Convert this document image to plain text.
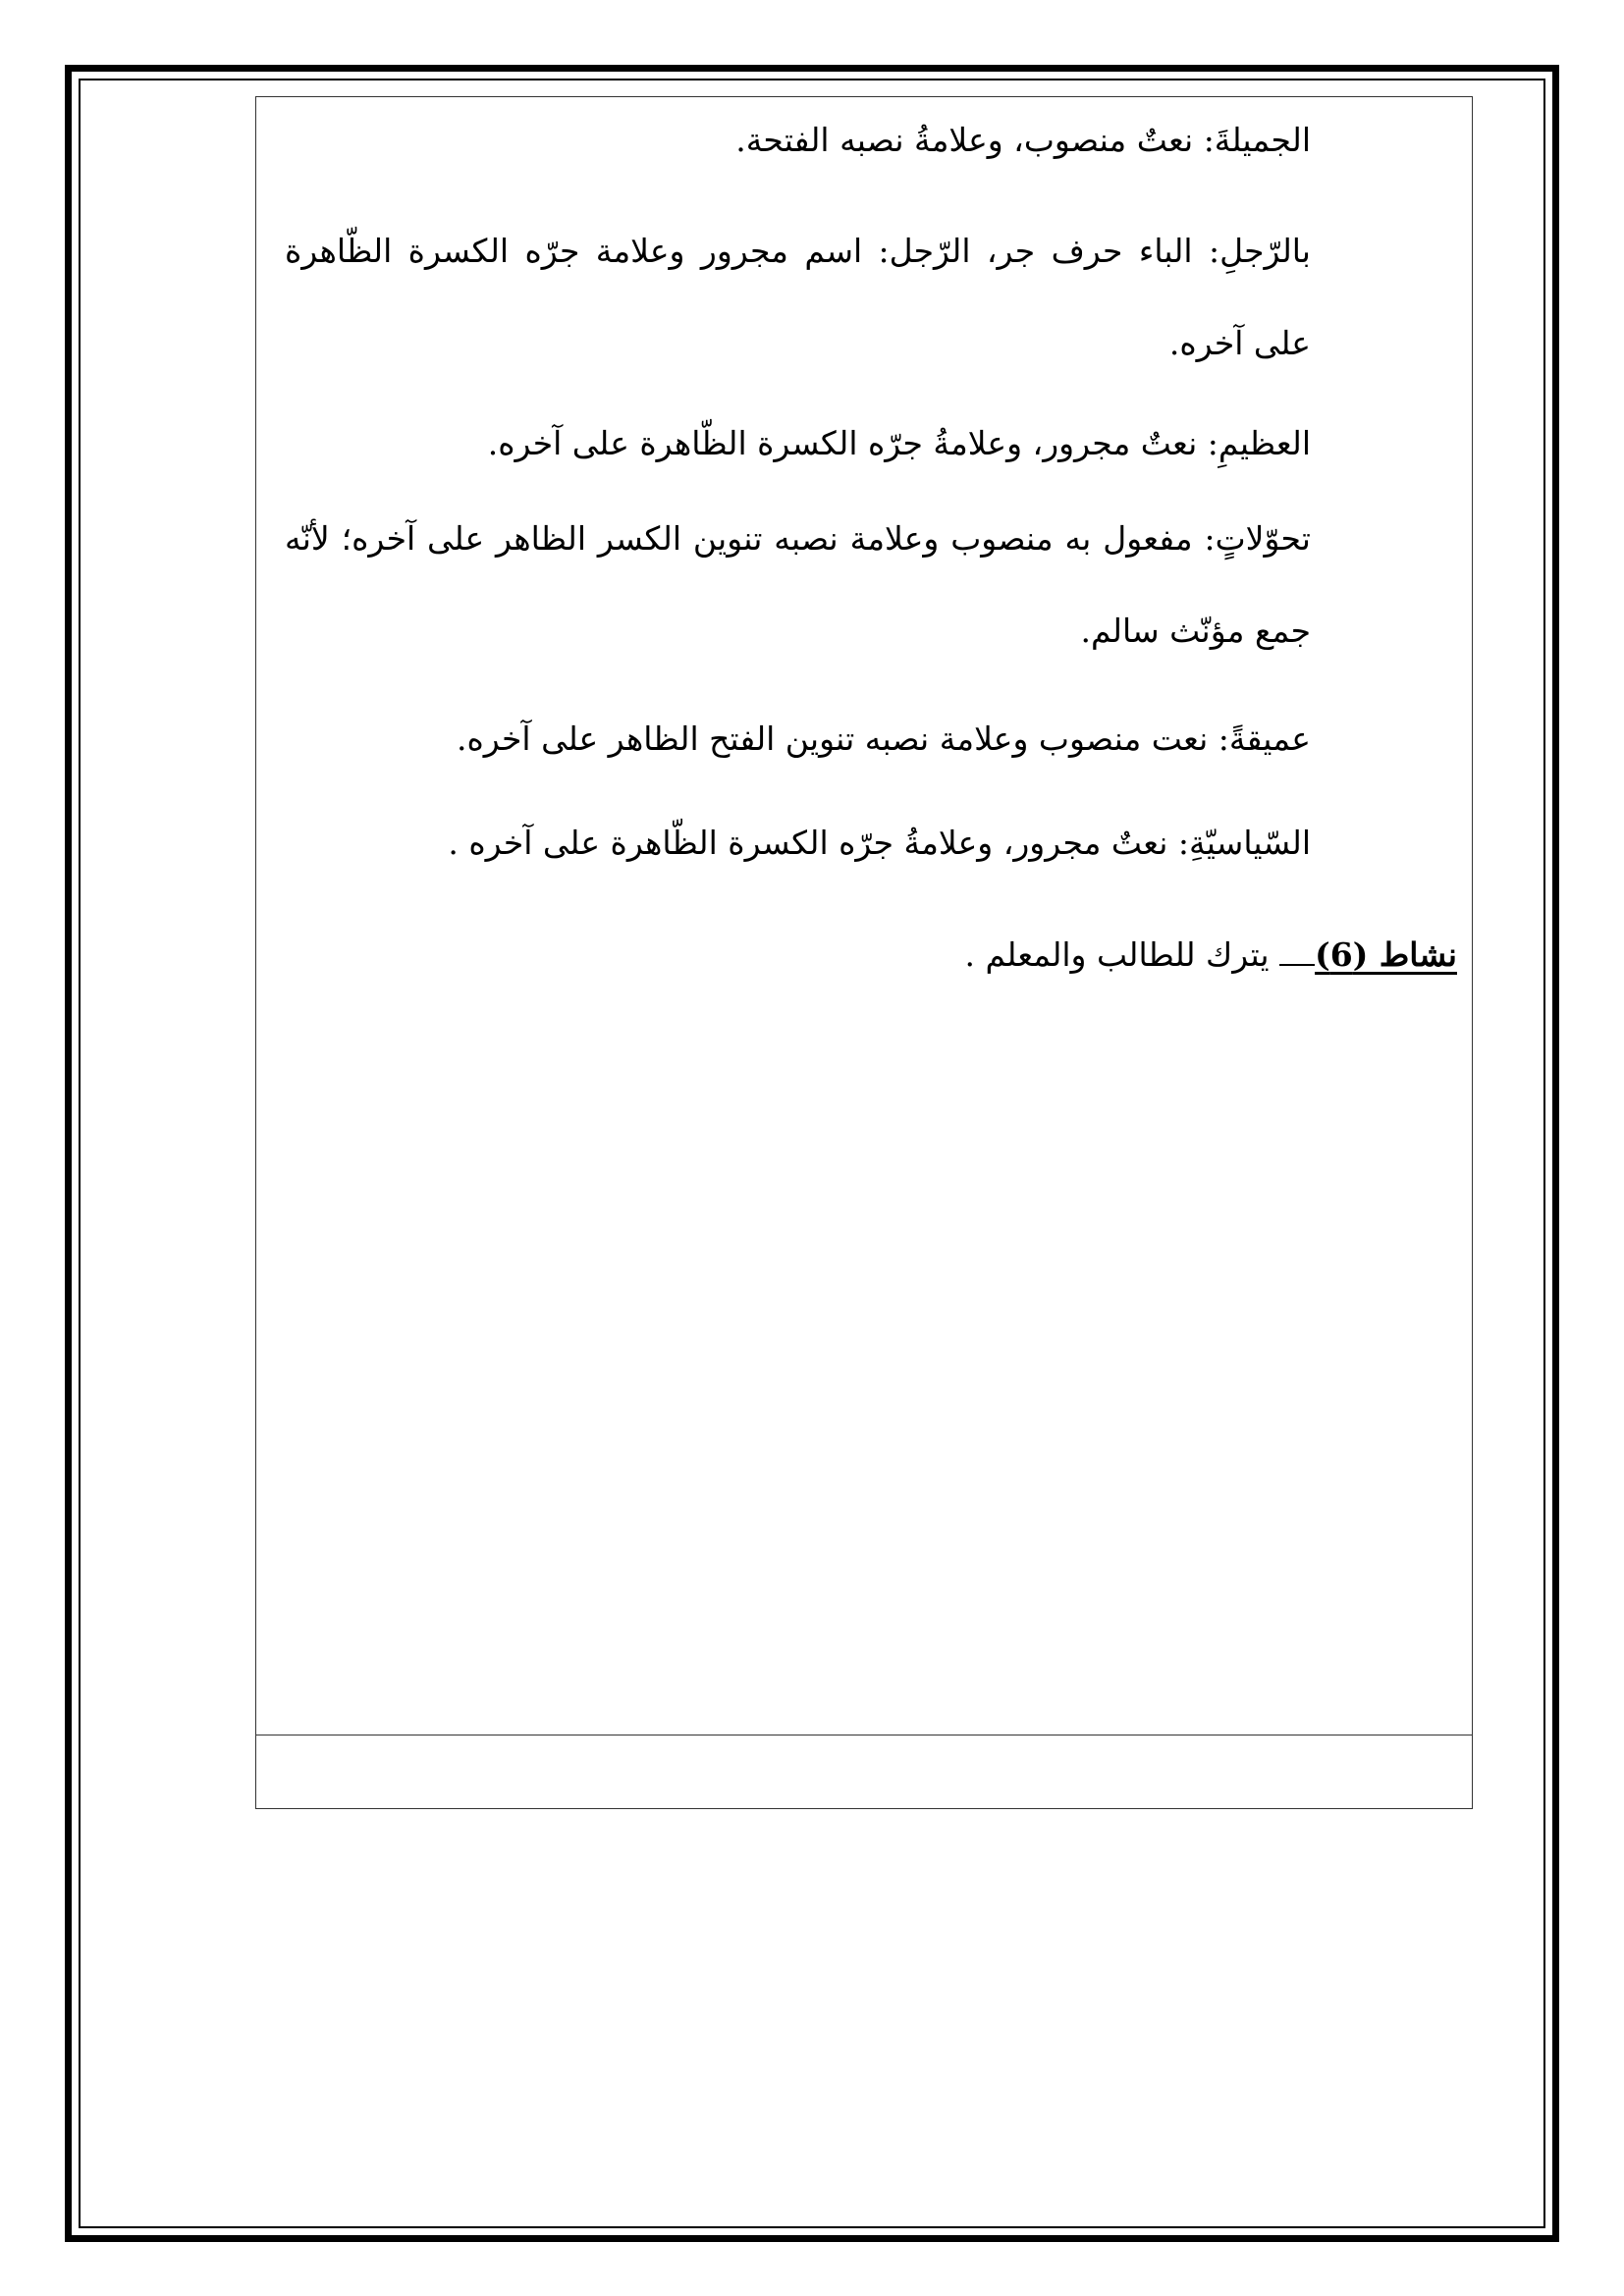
الجميلةَ: نعتٌ منصوب، وعلامةُ نصبه الفتحة.

بالرّجلِ: الباء حرف جر، الرّجل: اسم مجرور وعلامة جرّه الكسرة الظّاهرة على آخره.

العظيمِ: نعتٌ مجرور، وعلامةُ جرّه الكسرة الظّاهرة على آخره.

تحوّلاتٍ: مفعول به منصوب وعلامة نصبه تنوين الكسر الظاهر على آخره؛ لأنّه جمع مؤنّث سالم.

عميقةً: نعت منصوب وعلامة نصبه تنوين الفتح الظاهر على آخره.

السّياسيّةِ: نعتٌ مجرور، وعلامةُ جرّه الكسرة الظّاهرة على آخره .

نشاط (6) يترك للطالب والمعلم .
